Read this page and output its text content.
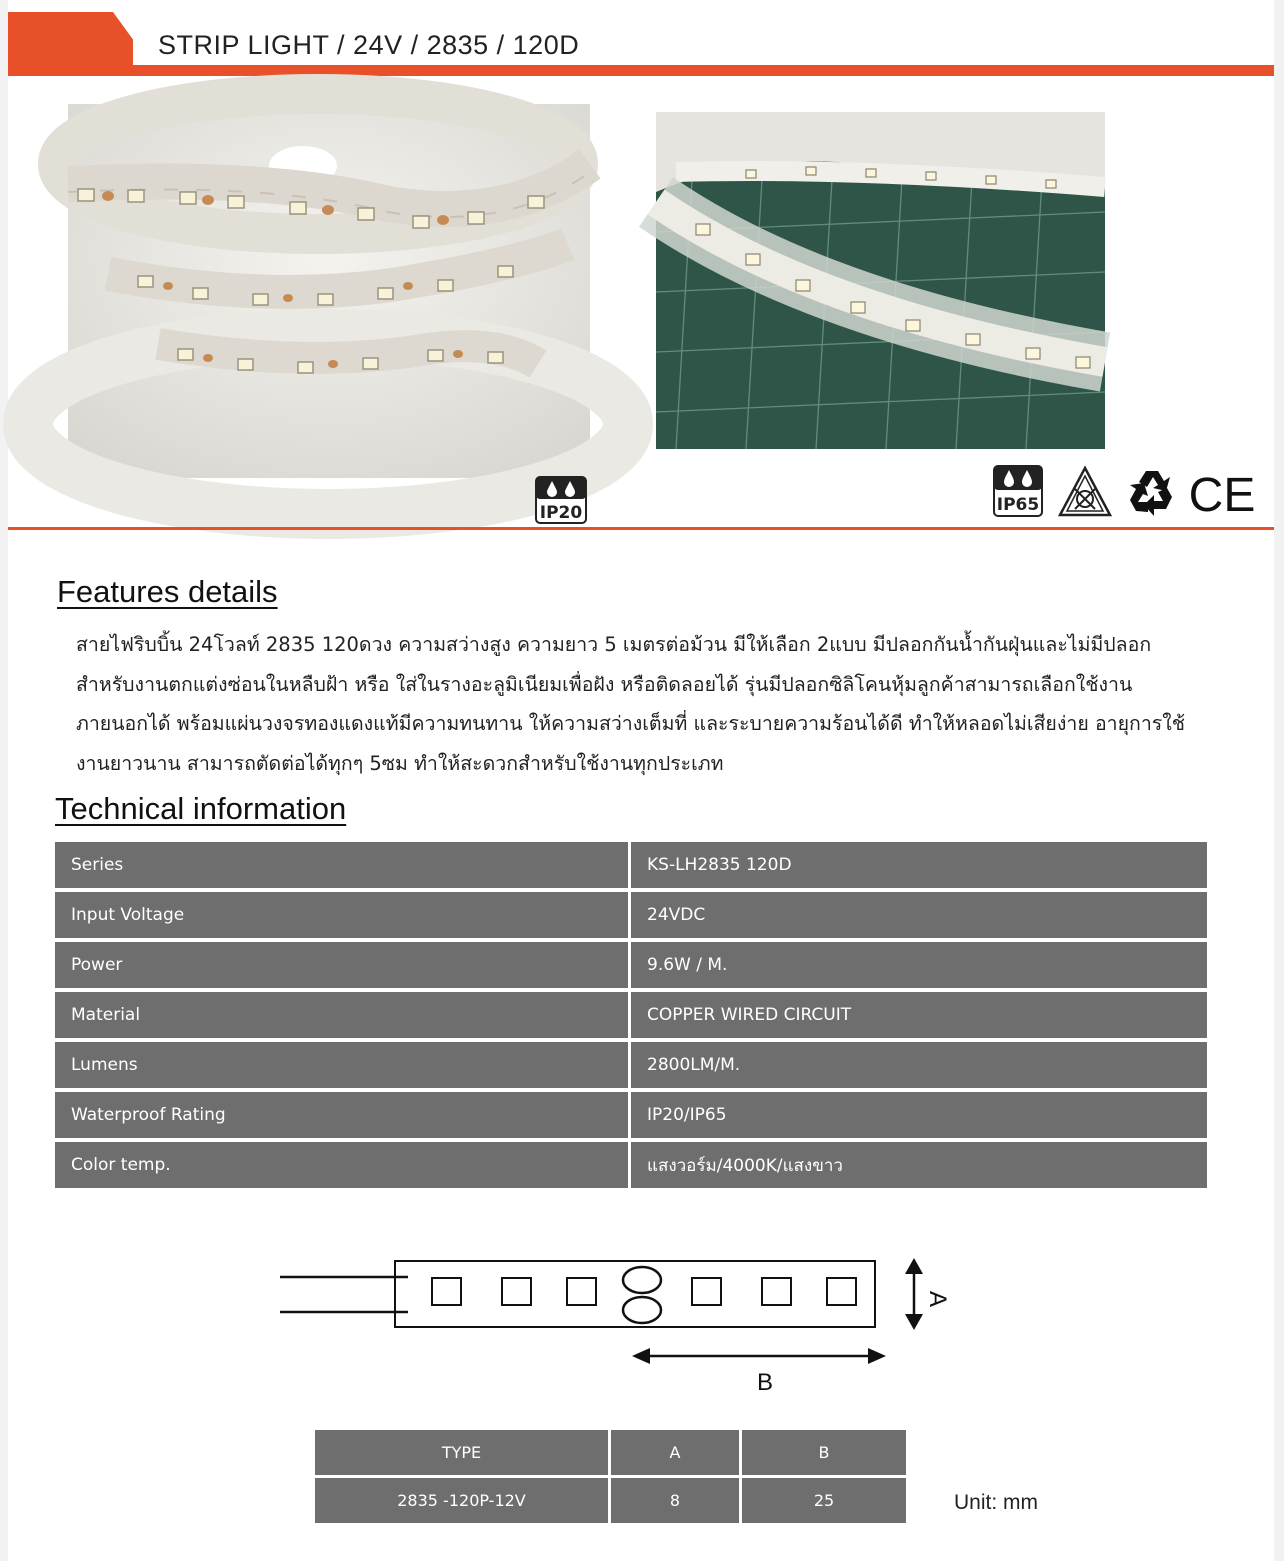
STRIP LIGHT / 24V / 2835 / 120D
IP20	IP65	CE
Features details
สายไฟริบบิ้น 24โวลท์ 2835 120ดวง ความสว่างสูง ความยาว 5 เมตรต่อม้วน มีให้เลือก 2แบบ มีปลอกกันน้ำกันฝุ่นและไม่มีปลอก สำหรับงานตกแต่งซ่อนในหลืบฝ้า หรือ ใส่ในรางอะลูมิเนียมเพื่อฝัง หรือติดลอยได้ รุ่นมีปลอกซิลิโคนหุ้มลูกค้าสามารถเลือกใช้งานภายนอกได้ พร้อมแผ่นวงจรทองแดงแท้มีความทนทาน ให้ความสว่างเต็มที่ และระบายความร้อนได้ดี ทำให้หลอดไม่เสียง่าย อายุการใช้งานยาวนาน สามารถตัดต่อได้ทุกๆ 5ซม ทำให้สะดวกสำหรับใช้งานทุกประเภท
Technical information
Series	KS-LH2835 120D
Input Voltage	24VDC
Power	9.6W / M.
Material	COPPER WIRED CIRCUIT
Lumens	2800LM/M.
Waterproof Rating	IP20/IP65
Color temp.	แสงวอร์ม/4000K/แสงขาว
A
B
TYPE	A	B
2835 -120P-12V	8	25	Unit: mm
